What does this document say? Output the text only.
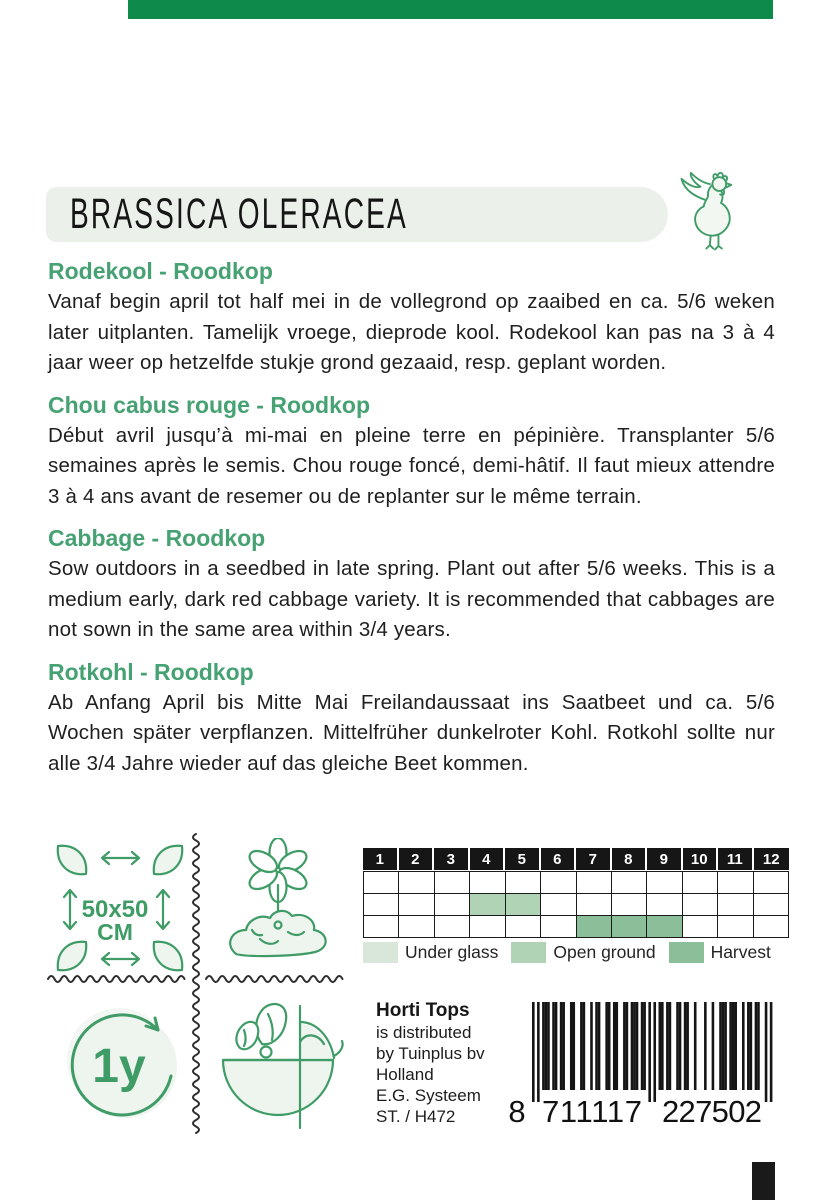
BRASSICA OLERACEA
Rodekool - Roodkop

Vanaf begin april tot half mei in de vollegrond op zaaibed en ca. 5/6 weken later uitplanten. Tamelijk vroege, dieprode kool. Rodekool kan pas na 3 à 4 jaar weer op hetzelfde stukje grond gezaaid, resp. geplant worden.

Chou cabus rouge - Roodkop

Début avril jusqu’à mi-mai en pleine terre en pépinière. Transplanter 5/6 semaines après le semis. Chou rouge foncé, demi-hâtif. Il faut mieux attendre 3 à 4 ans avant de resemer ou de replanter sur le même terrain.

Cabbage - Roodkop

Sow outdoors in a seedbed in late spring. Plant out after 5/6 weeks. This is a medium early, dark red cabbage variety. It is recommended that cabbages are not sown in the same area within 3/4 years.

Rotkohl - Roodkop

Ab Anfang April bis Mitte Mai Freilandaussaat ins Saatbeet und ca. 5/6 Wochen später verpflanzen. Mittelfrüher dunkelroter Kohl. Rotkohl sollte nur alle 3/4 Jahre wieder auf das gleiche Beet kommen.

50x50
CM
1y
1	2	3	4	5	6	7	8	9	10	11	12
Under glass	Open ground	Harvest
Horti Tops
is distributed
by Tuinplus bv
Holland
E.G. Systeem
ST. / H472	8 711117 227502
